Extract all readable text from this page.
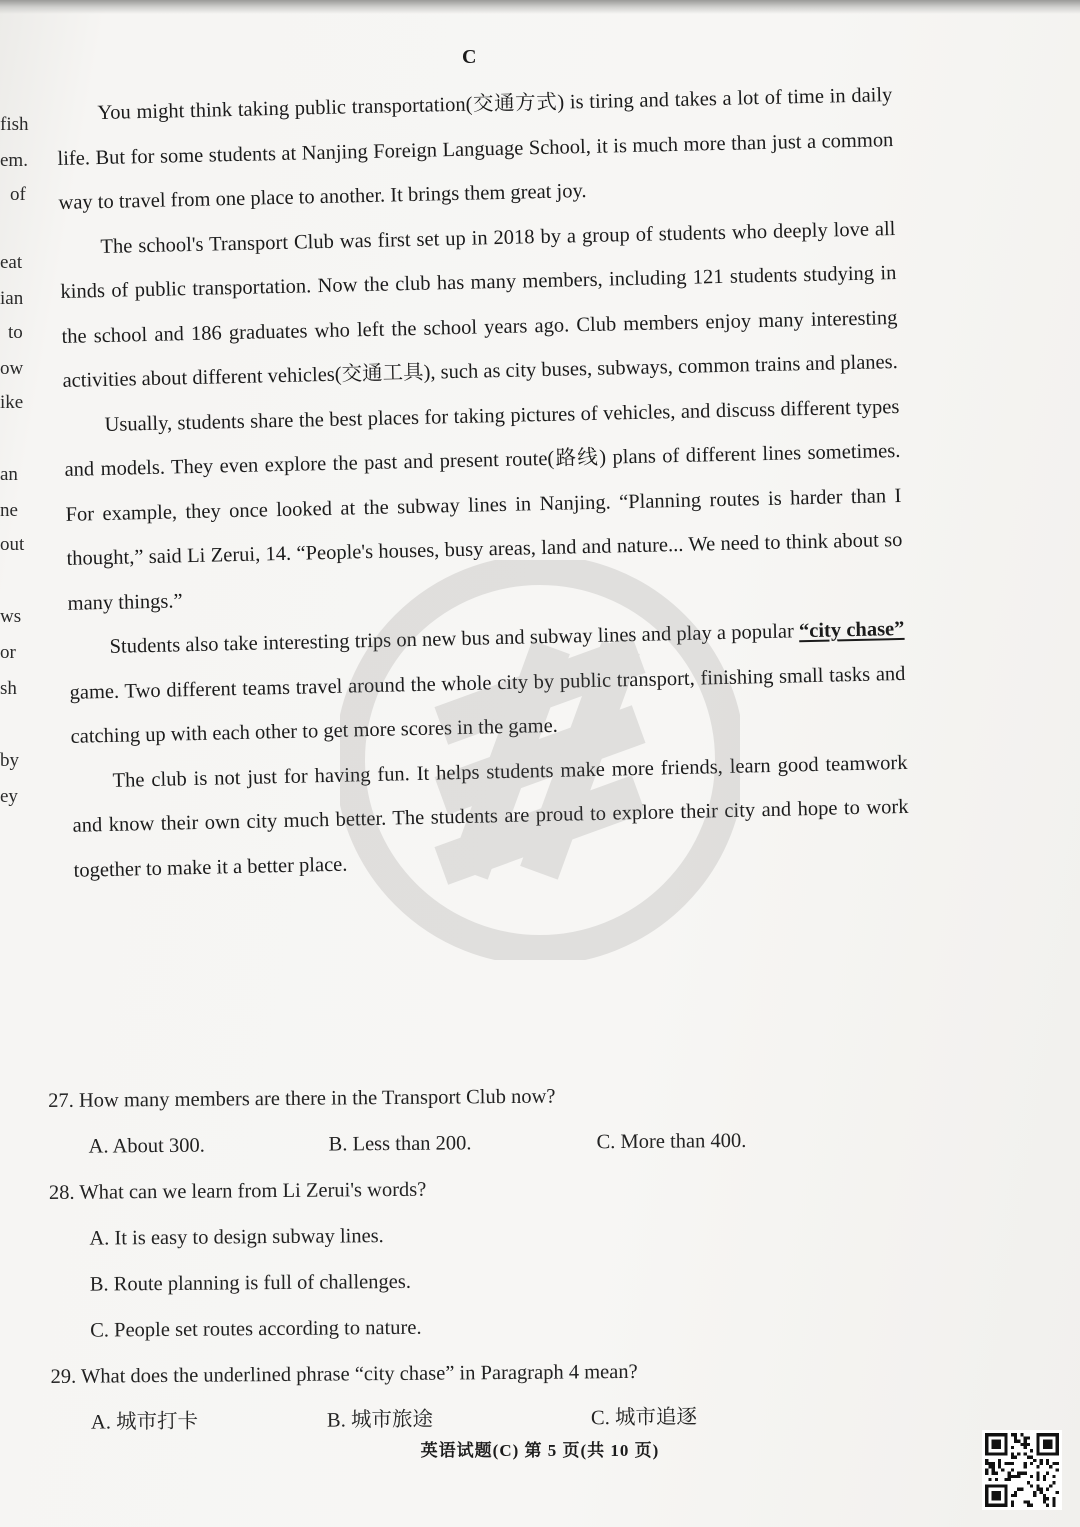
fish
em.
of
eat
ian
to
ow
ike
an
ne
out
ws
or
sh
by
ey
C

You might think taking public transportation(交通方式) is tiring and takes a lot of time in daily life. But for some students at Nanjing Foreign Language School, it is much more than just a common way to travel from one place to another. It brings them great joy.

The school's Transport Club was first set up in 2018 by a group of students who deeply love all kinds of public transportation. Now the club has many members, including 121 students studying in the school and 186 graduates who left the school years ago. Club members enjoy many interesting activities about different vehicles(交通工具), such as city buses, subways, common trains and planes.

Usually, students share the best places for taking pictures of vehicles, and discuss different types and models. They even explore the past and present route(路线) plans of different lines sometimes. For example, they once looked at the subway lines in Nanjing. “Planning routes is harder than I thought,” said Li Zerui, 14. “People's houses, busy areas, land and nature... We need to think about so many things.”

Students also take interesting trips on new bus and subway lines and play a popular “city chase” game. Two different teams travel around the whole city by public transport, finishing small tasks and catching up with each other to get more scores in the game.

The club is not just for having fun. It helps students make more friends, learn good teamwork and know their own city much better. The students are proud to explore their city and hope to work together to make it a better place.

27. How many members are there in the Transport Club now?
A. About 300.	B. Less than 200.	C. More than 400.
28. What can we learn from Li Zerui's words?
A. It is easy to design subway lines.
B. Route planning is full of challenges.
C. People set routes according to nature.
29. What does the underlined phrase “city chase” in Paragraph 4 mean?
A. 城市打卡	B. 城市旅途	C. 城市追逐
英语试题(C) 第 5 页(共 10 页)
